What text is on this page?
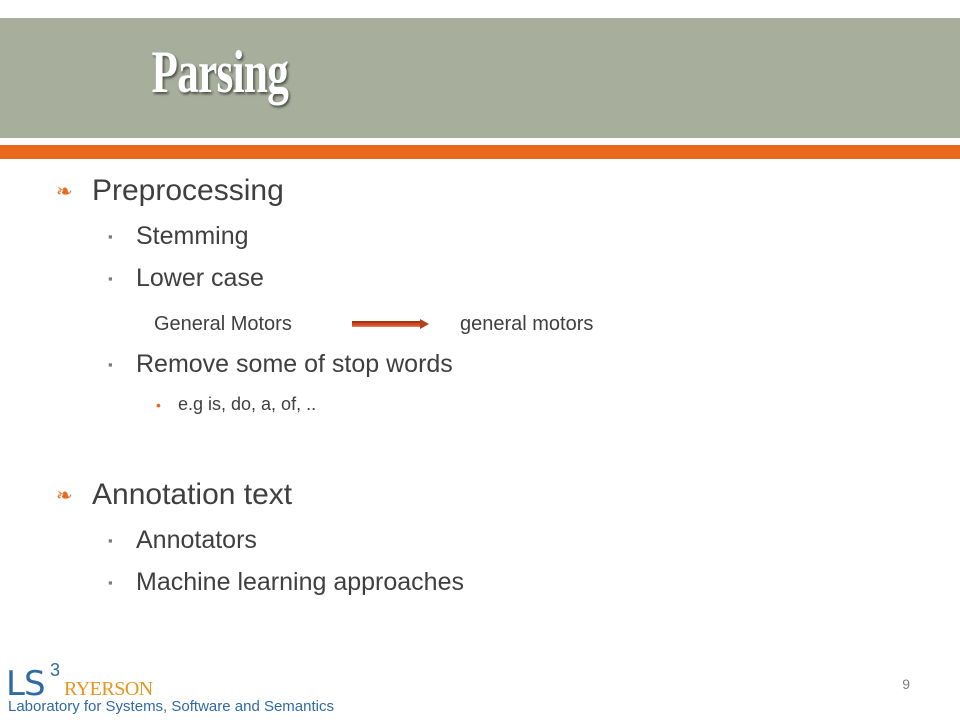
Parsing
❧ Preprocessing
▪ Stemming
▪ Lower case
General Motors	general motors
▪ Remove some of stop words
• e.g is, do, a, of, ..
❧ Annotation text
▪ Annotators
▪ Machine learning approaches
9
LS 3
RYERSON
Laboratory for Systems, Software and Semantics
